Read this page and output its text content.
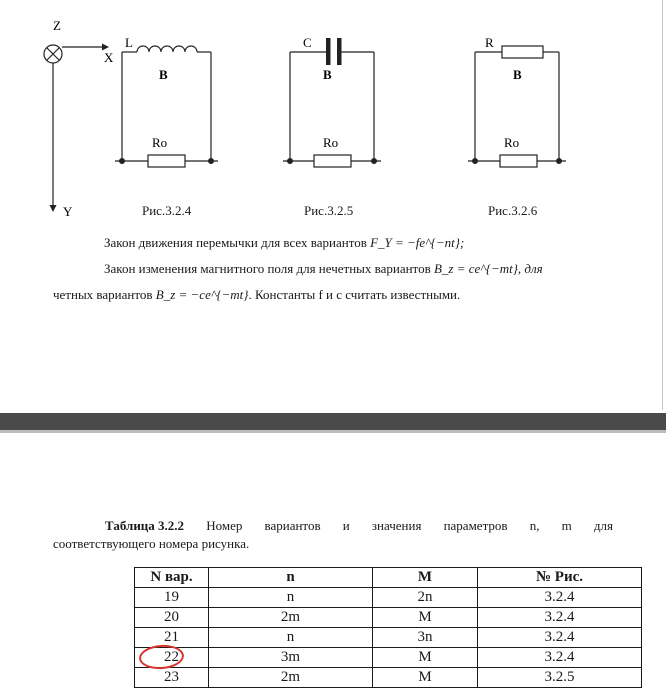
Z
X
Y
L
B
Ro
C
B
Ro
R
B
Ro
Рис.3.2.4	Рис.3.2.5	Рис.3.2.6
Закон движения перемычки для всех вариантов F_Y = −fe^{−nt};
Закон изменения магнитного поля для нечетных вариантов B_z = ce^{−mt}, для
четных вариантов B_z = −ce^{−mt}. Константы f и c считать известными.
Таблица 3.2.2 Номер вариантов и значения параметров n, m для
соответствующего номера рисунка.
N вар.	n	M	№ Рис.
19	n	2n	3.2.4
20	2m	M	3.2.4
21	n	3n	3.2.4
22	3m	M	3.2.4
23	2m	M	3.2.5
